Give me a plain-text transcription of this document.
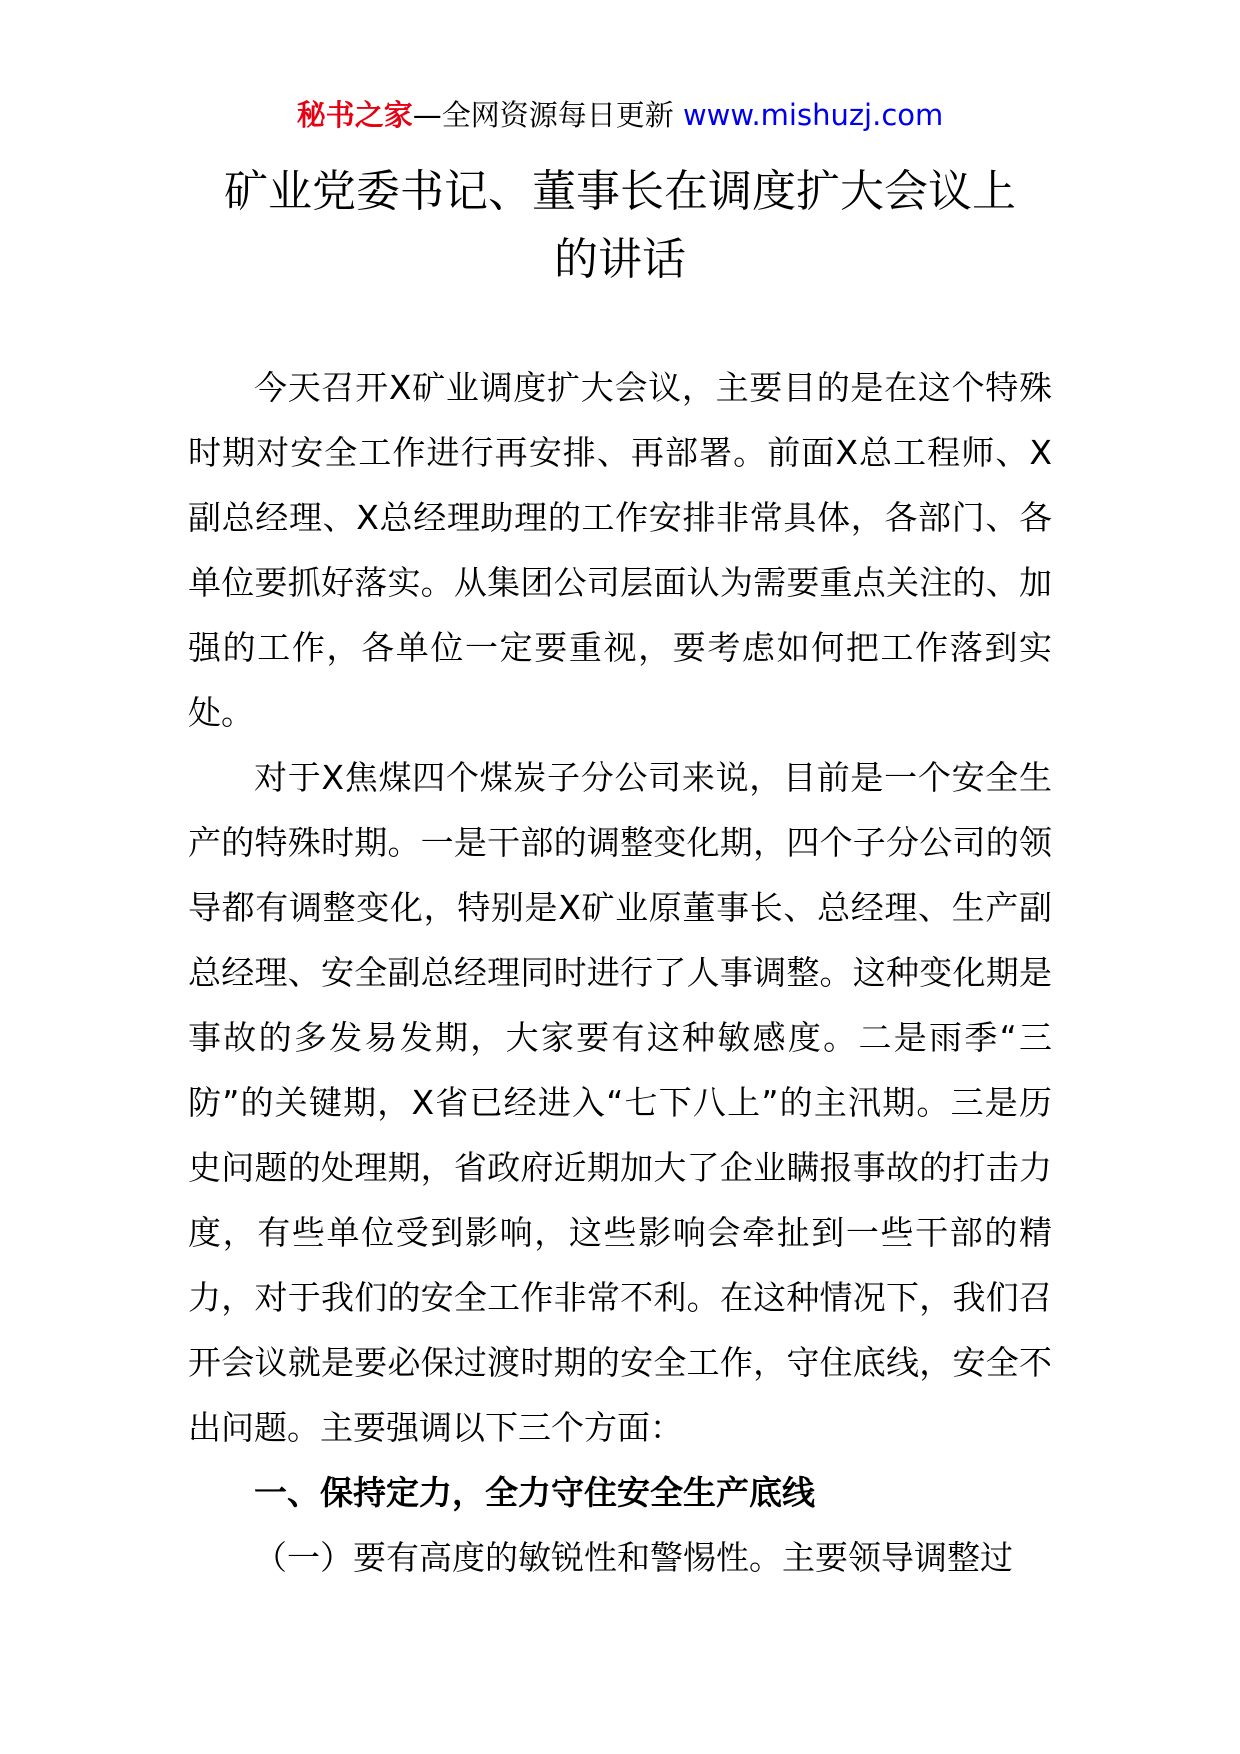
秘书之家—全网资源每日更新 www.mishuzj.com
矿业党委书记、董事长在调度扩大会议上
的讲话

今天召开X矿业调度扩大会议，主要目的是在这个特殊时期对安全工作进行再安排、再部署。前面X总工程师、X副总经理、X总经理助理的工作安排非常具体，各部门、各单位要抓好落实。从集团公司层面认为需要重点关注的、加强的工作，各单位一定要重视，要考虑如何把工作落到实处。

对于X焦煤四个煤炭子分公司来说，目前是一个安全生产的特殊时期。一是干部的调整变化期，四个子分公司的领导都有调整变化，特别是X矿业原董事长、总经理、生产副总经理、安全副总经理同时进行了人事调整。这种变化期是事故的多发易发期，大家要有这种敏感度。二是雨季“三防”的关键期，X省已经进入“七下八上”的主汛期。三是历史问题的处理期，省政府近期加大了企业瞒报事故的打击力度，有些单位受到影响，这些影响会牵扯到一些干部的精力，对于我们的安全工作非常不利。在这种情况下，我们召开会议就是要必保过渡时期的安全工作，守住底线，安全不出问题。主要强调以下三个方面：

一、保持定力，全力守住安全生产底线

（一）要有高度的敏锐性和警惕性。主要领导调整过
